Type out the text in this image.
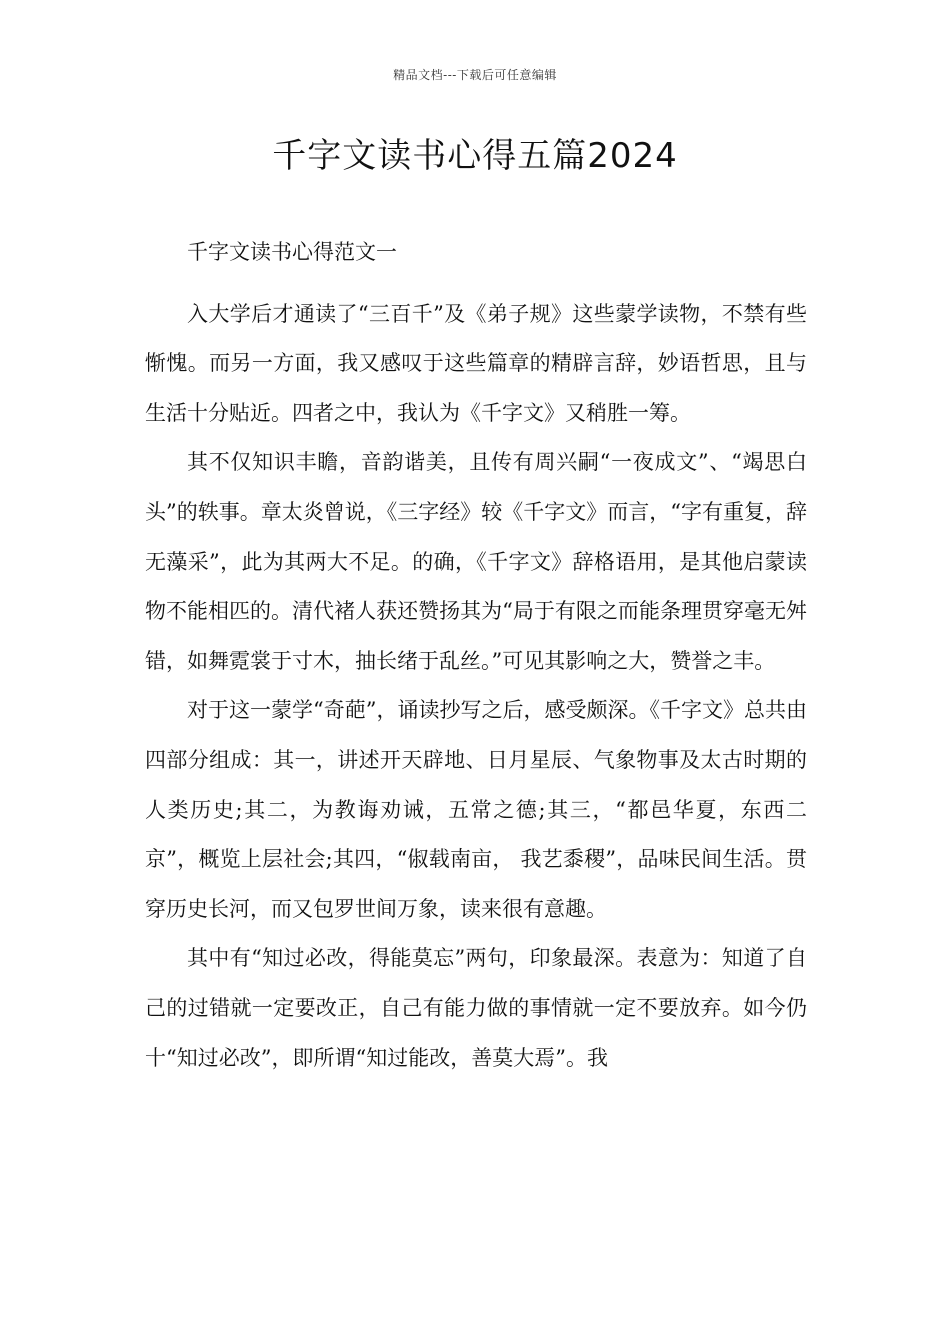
精品文档---下载后可任意编辑
千字文读书心得五篇2024

千字文读书心得范文一

入大学后才通读了“三百千”及《弟子规》这些蒙学读物，不禁有些惭愧。而另一方面，我又感叹于这些篇章的精辟言辞，妙语哲思，且与生活十分贴近。四者之中，我认为《千字文》又稍胜一筹。

其不仅知识丰瞻，音韵谐美，且传有周兴嗣“一夜成文”、“竭思白头”的轶事。章太炎曾说，《三字经》较《千字文》而言，“字有重复，辞无藻采”，此为其两大不足。的确，《千字文》辞格语用，是其他启蒙读物不能相匹的。清代褚人获还赞扬其为“局于有限之而能条理贯穿毫无舛错，如舞霓裳于寸木，抽长绪于乱丝。”可见其影响之大，赞誉之丰。

对于这一蒙学“奇葩”，诵读抄写之后，感受颇深。《千字文》总共由四部分组成：其一，讲述开天辟地、日月星辰、气象物事及太古时期的人类历史;其二，为教诲劝诫，五常之德;其三，“都邑华夏，东西二京”，概览上层社会;其四，“俶载南亩， 我艺黍稷”，品味民间生活。贯穿历史长河，而又包罗世间万象，读来很有意趣。

其中有“知过必改，得能莫忘”两句，印象最深。表意为：知道了自己的过错就一定要改正，自己有能力做的事情就一定不要放弃。如今仍十“知过必改”，即所谓“知过能改，善莫大焉”。我
